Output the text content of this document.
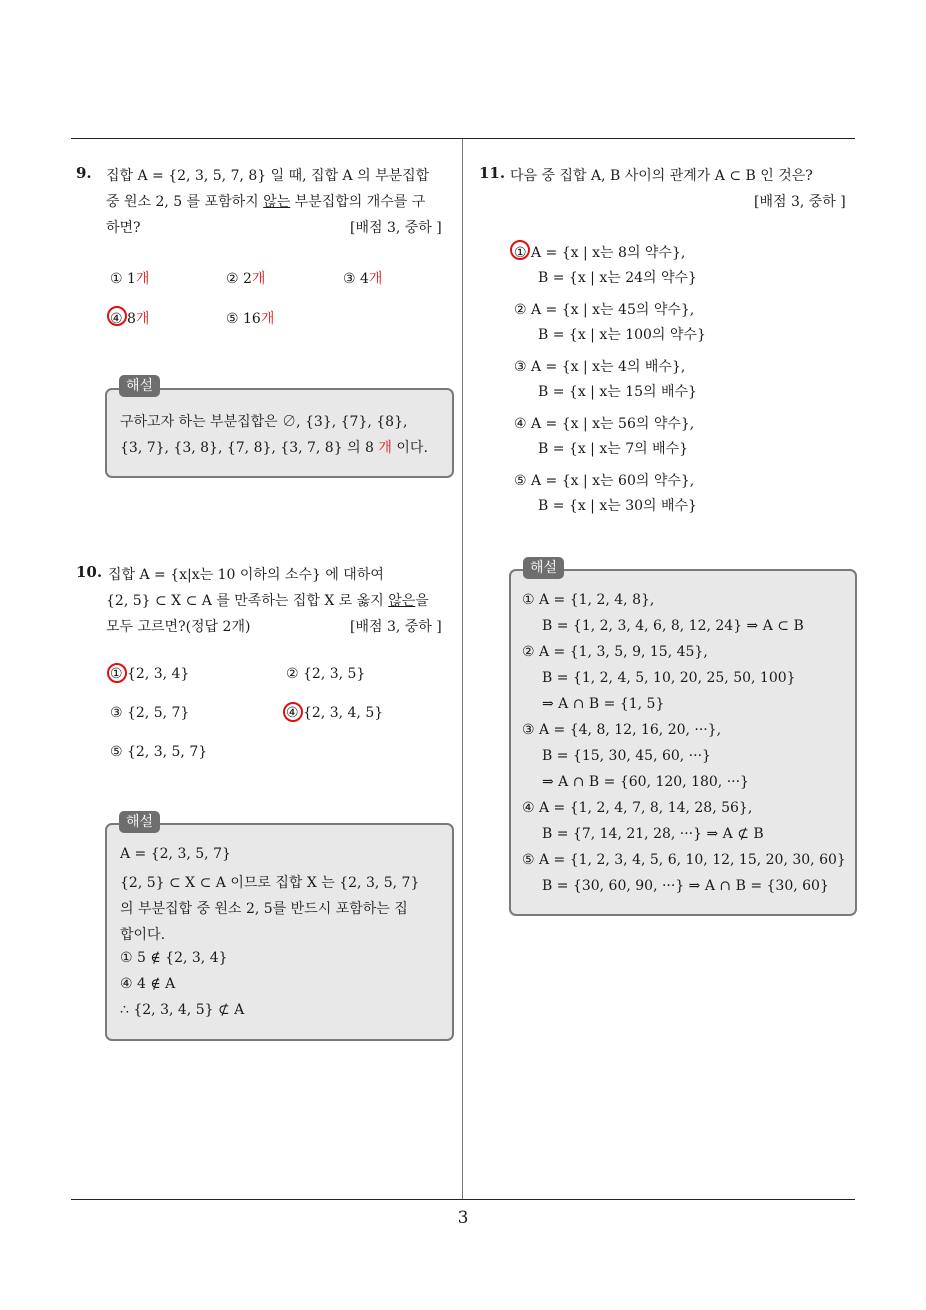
9. 집합 A = {2, 3, 5, 7, 8} 일 때, 집합 A 의 부분집합
중 원소 2, 5 를 포함하지 않는 부분집합의 개수를 구
하면?	[배점 3, 중하 ]
① 1개	② 2개	③ 4개
④ 8개	⑤ 16개
해설
구하고자 하는 부분집합은 ∅, {3}, {7}, {8},
{3, 7}, {3, 8}, {7, 8}, {3, 7, 8} 의 8 개 이다.
10. 집합 A = {x|x는 10 이하의 소수} 에 대하여
{2, 5} ⊂ X ⊂ A 를 만족하는 집합 X 로 옳지 않은을
모두 고르면?(정답 2개)	[배점 3, 중하 ]
① {2, 3, 4}	② {2, 3, 5}
③ {2, 5, 7}	④ {2, 3, 4, 5}
⑤ {2, 3, 5, 7}
해설
A = {2, 3, 5, 7}
{2, 5} ⊂ X ⊂ A 이므로 집합 X 는 {2, 3, 5, 7}
의 부분집합 중 원소 2, 5를 반드시 포함하는 집
합이다.
① 5 ∉ {2, 3, 4}
④ 4 ∉ A
∴ {2, 3, 4, 5} ⊄ A
11. 다음 중 집합 A, B 사이의 관계가 A ⊂ B 인 것은?
[배점 3, 중하 ]
① A = {x | x는 8의 약수},
B = {x | x는 24의 약수}
② A = {x | x는 45의 약수},
B = {x | x는 100의 약수}
③ A = {x | x는 4의 배수},
B = {x | x는 15의 배수}
④ A = {x | x는 56의 약수},
B = {x | x는 7의 배수}
⑤ A = {x | x는 60의 약수},
B = {x | x는 30의 배수}
해설
① A = {1, 2, 4, 8},
B = {1, 2, 3, 4, 6, 8, 12, 24} ⇒ A ⊂ B
② A = {1, 3, 5, 9, 15, 45},
B = {1, 2, 4, 5, 10, 20, 25, 50, 100}
⇒ A ∩ B = {1, 5}
③ A = {4, 8, 12, 16, 20, ···},
B = {15, 30, 45, 60, ···}
⇒ A ∩ B = {60, 120, 180, ···}
④ A = {1, 2, 4, 7, 8, 14, 28, 56},
B = {7, 14, 21, 28, ···} ⇒ A ⊄ B
⑤ A = {1, 2, 3, 4, 5, 6, 10, 12, 15, 20, 30, 60}
B = {30, 60, 90, ···} ⇒ A ∩ B = {30, 60}
3
